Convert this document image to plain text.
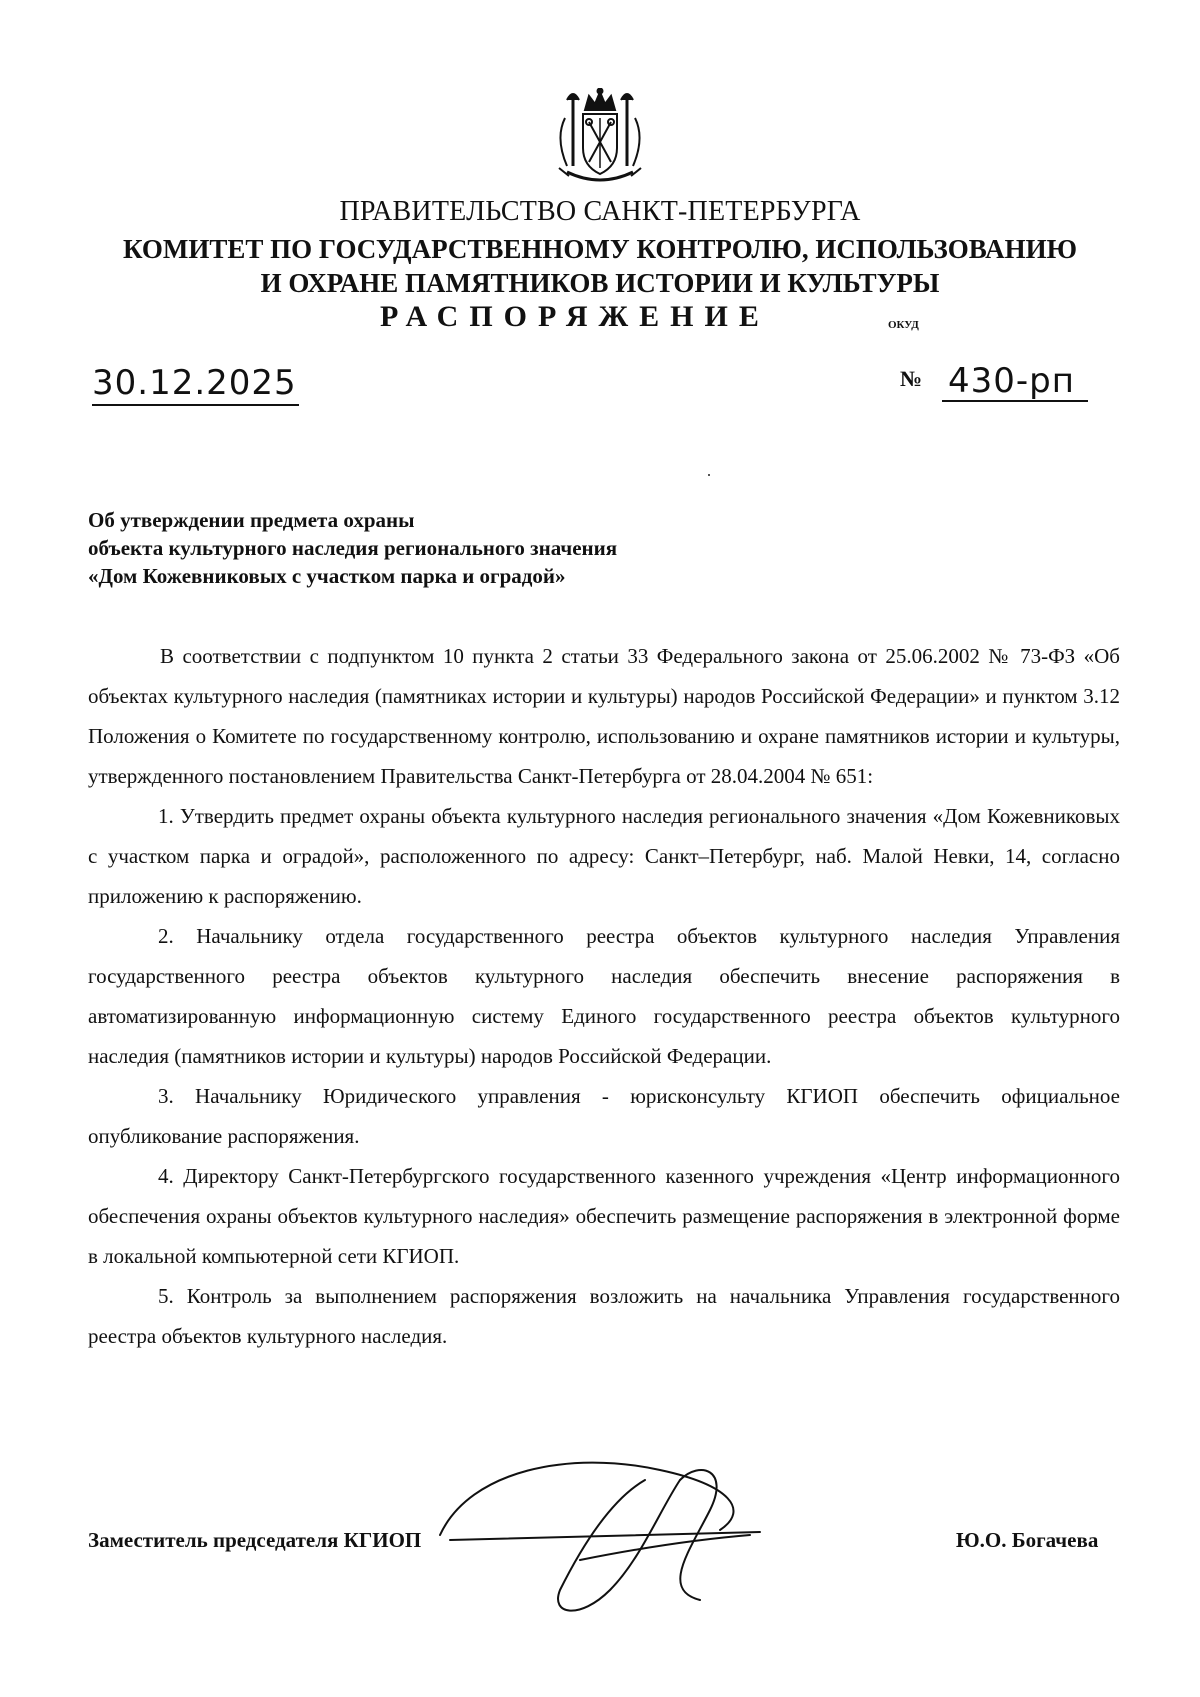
ПРАВИТЕЛЬСТВО САНКТ-ПЕТЕРБУРГА
КОМИТЕТ ПО ГОСУДАРСТВЕННОМУ КОНТРОЛЮ, ИСПОЛЬЗОВАНИЮ
И ОХРАНЕ ПАМЯТНИКОВ ИСТОРИИ И КУЛЬТУРЫ
РАСПОРЯЖЕНИЕ	ОКУД
30.12.2025	№ 430-рп
Об утверждении предмета охраны
объекта культурного наследия регионального значения
«Дом Кожевниковых с участком парка и оградой»

В соответствии с подпунктом 10 пункта 2 статьи 33 Федерального закона от 25.06.2002 № 73-ФЗ «Об объектах культурного наследия (памятниках истории и культуры) народов Российской Федерации» и пунктом 3.12 Положения о Комитете по государственному контролю, использованию и охране памятников истории и культуры, утвержденного постановлением Правительства Санкт-Петербурга от 28.04.2004 № 651:

1. Утвердить предмет охраны объекта культурного наследия регионального значения «Дом Кожевниковых с участком парка и оградой», расположенного по адресу: Санкт–Петербург, наб. Малой Невки, 14, согласно приложению к распоряжению.

2. Начальнику отдела государственного реестра объектов культурного наследия Управления государственного реестра объектов культурного наследия обеспечить внесение распоряжения в автоматизированную информационную систему Единого государственного реестра объектов культурного наследия (памятников истории и культуры) народов Российской Федерации.

3. Начальнику Юридического управления - юрисконсульту КГИОП обеспечить официальное опубликование распоряжения.

4. Директору Санкт-Петербургского государственного казенного учреждения «Центр информационного обеспечения охраны объектов культурного наследия» обеспечить размещение распоряжения в электронной форме в локальной компьютерной сети КГИОП.

5. Контроль за выполнением распоряжения возложить на начальника Управления государственного реестра объектов культурного наследия.

Заместитель председателя КГИОП	Ю.О. Богачева
